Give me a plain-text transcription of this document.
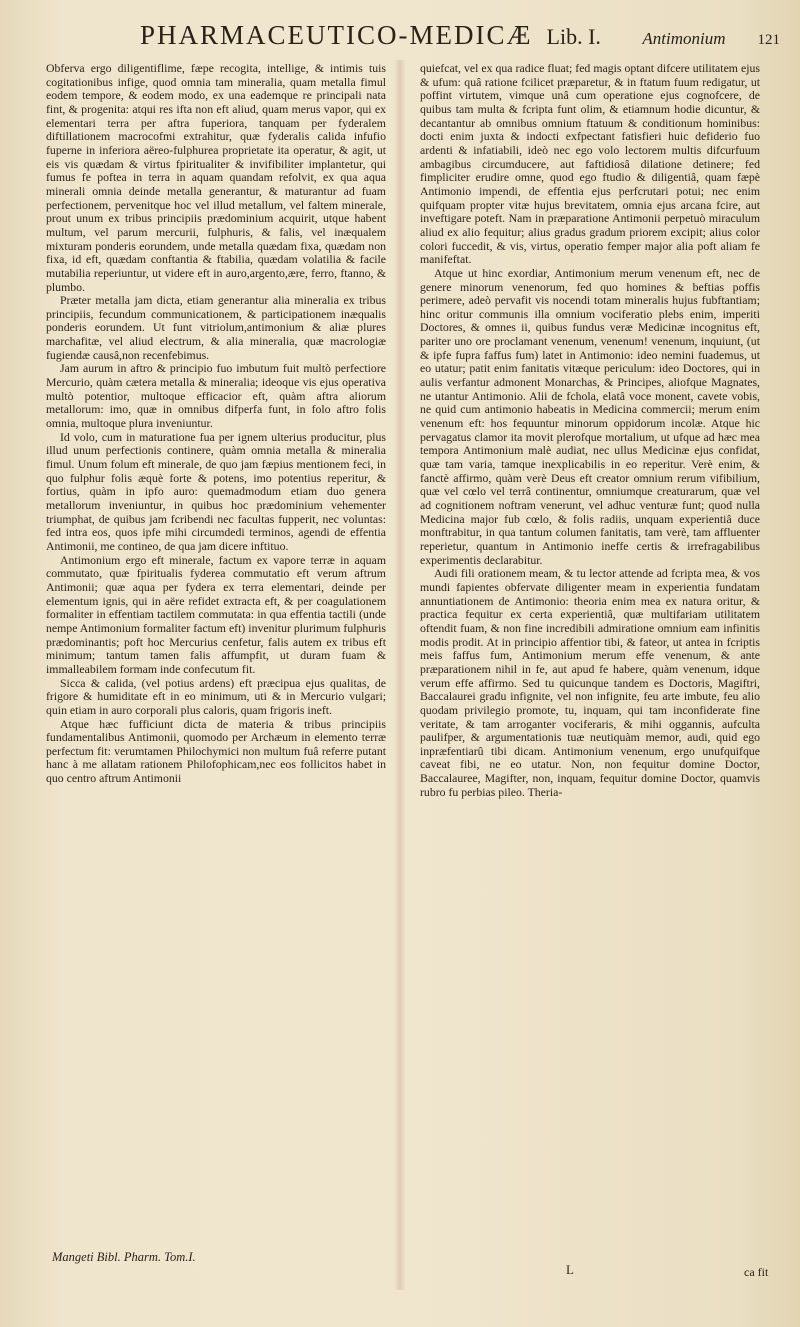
PHARMACEUTICO-MEDICÆ Lib. I. Antimonium 121

Obferva ergo diligentiflime, fæpe recogita, intellige, & intimis tuis cogitationibus infige, quod omnia tam mineralia, quam metalla fimul eodem tempore, & eodem modo, ex una eademque re principali nata fint, & progenita: atqui res ifta non eft aliud, quam merus vapor, qui ex elementari terra per aftra fuperiora, tanquam per fyderalem diftillationem macrocofmi extrahitur, quæ fyderalis calida infufio fuperne in inferiora aëreo-fulphurea proprietate ita operatur, & agit, ut eis vis quædam & virtus fpiritualiter & invifibiliter implantetur, qui fumus fe poftea in terra in aquam quandam refolvit, ex qua aqua minerali omnia deinde metalla generantur, & maturantur ad fuam perfectionem, pervenitque hoc vel illud metallum, vel faltem minerale, prout unum ex tribus principiis prædominium acquirit, utque habent multum, vel parum mercurii, fulphuris, & falis, vel inæqualem mixturam ponderis eorundem, unde metalla quædam fixa, quædam non fixa, id eft, quædam conftantia & ftabilia, quædam volatilia & facile mutabilia reperiuntur, ut videre eft in auro,argento,ære, ferro, ftanno, & plumbo.

Præter metalla jam dicta, etiam generantur alia mineralia ex tribus principiis, fecundum communicationem, & participationem inæqualis ponderis eorundem. Ut funt vitriolum,antimonium & aliæ plures marchafitæ, vel aliud electrum, & alia mineralia, quæ macrologiæ fugiendæ causâ,non recenfebimus.

Jam aurum in aftro & principio fuo imbutum fuit multò perfectiore Mercurio, quàm cætera metalla & mineralia; ideoque vis ejus operativa multò potentior, multoque efficacior eft, quàm aftra aliorum metallorum: imo, quæ in omnibus difperfa funt, in folo aftro folis omnia, multoque plura inveniuntur.

Id volo, cum in maturatione fua per ignem ulterius producitur, plus illud unum perfectionis continere, quàm omnia metalla & mineralia fimul. Unum folum eft minerale, de quo jam fæpius mentionem feci, in quo fulphur folis æquè forte & potens, imo potentius reperitur, & fortius, quàm in ipfo auro: quemadmodum etiam duo genera metallorum inveniuntur, in quibus hoc prædominium vehementer triumphat, de quibus jam fcribendi nec facultas fupperit, nec voluntas: fed intra eos, quos ipfe mihi circumdedi terminos, agendi de effentia Antimonii, me contineo, de qua jam dicere inftituo.

Antimonium ergo eft minerale, factum ex vapore terræ in aquam commutato, quæ fpiritualis fyderea commutatio eft verum aftrum Antimonii; quæ aqua per fydera ex terra elementari, deinde per elementum ignis, qui in aëre refidet extracta eft, & per coagulationem formaliter in effentiam tactilem commutata: in qua effentia tactili (unde nempe Antimonium formaliter factum eft) invenitur plurimum fulphuris prædominantis; poft hoc Mercurius cenfetur, falis autem ex tribus eft minimum; tantum tamen falis affumpfit, ut duram fuam & immalleabilem formam inde confecutum fit.

Sicca & calida, (vel potius ardens) eft præcipua ejus qualitas, de frigore & humiditate eft in eo minimum, uti & in Mercurio vulgari; quin etiam in auro corporali plus caloris, quam frigoris ineft.

Atque hæc fufficiunt dicta de materia & tribus principiis fundamentalibus Antimonii, quomodo per Archæum in elemento terræ perfectum fit: verumtamen Philochymici non multum fuâ referre putant hanc à me allatam rationem Philofophicam,nec eos follicitos habet in quo centro aftrum Antimonii

Mangeti Bibl. Pharm. Tom.I.

quiefcat, vel ex qua radice fluat; fed magis optant difcere utilitatem ejus & ufum: quâ ratione fcilicet præparetur, & in ftatum fuum redigatur, ut poffint virtutem, vimque unâ cum operatione ejus cognofcere, de quibus tam multa & fcripta funt olim, & etiamnum hodie dicuntur, & decantantur ab omnibus omnium ftatuum & conditionum hominibus: docti enim juxta & indocti exfpectant fatisfieri huic defiderio fuo ardenti & infatiabili, ideò nec ego volo lectorem multis difcurfuum ambagibus circumducere, aut faftidiosâ dilatione detinere; fed fimpliciter erudire omne, quod ego ftudio & diligentiâ, quam fæpè Antimonio impendi, de effentia ejus perfcrutari potui; nec enim quifquam propter vitæ hujus brevitatem, omnia ejus arcana fcire, aut inveftigare poteft. Nam in præparatione Antimonii perpetuò miraculum aliud ex alio fequitur; alius gradus gradum priorem excipit; alius color colori fuccedit, & vis, virtus, operatio femper major alia poft aliam fe manifeftat.

Atque ut hinc exordiar, Antimonium merum venenum eft, nec de genere minorum venenorum, fed quo homines & beftias poffis perimere, adeò pervafit vis nocendi totam mineralis hujus fubftantiam; hinc oritur communis illa omnium vociferatio plebs enim, imperiti Doctores, & omnes ii, quibus fundus veræ Medicinæ incognitus eft, pariter uno ore proclamant venenum, venenum! venenum, inquiunt, (ut & ipfe fupra faffus fum) latet in Antimonio: ideo nemini fuademus, ut eo utatur; patit enim fanitatis vitæque periculum: ideo Doctores, qui in aulis verfantur admonent Monarchas, & Principes, aliofque Magnates, ne utantur Antimonio. Alii de fchola, elatâ voce monent, cavete vobis, ne quid cum antimonio habeatis in Medicina commercii; merum enim venenum eft: hos fequuntur minorum oppidorum incolæ. Atque hic pervagatus clamor ita movit plerofque mortalium, ut ufque ad hæc mea tempora Antimonium malè audiat, nec ullus Medicinæ ejus confidat, quæ tam varia, tamque inexplicabilis in eo reperitur. Verè enim, & fanctè affirmo, quàm verè Deus eft creator omnium rerum vifibilium, quæ vel cœlo vel terrâ continentur, omniumque creaturarum, quæ vel ad cognitionem noftram venerunt, vel adhuc venturæ funt; quod nulla Medicina major fub cœlo, & folis radiis, unquam experientiâ duce monftrabitur, in qua tantum columen fanitatis, tam verè, tam affluenter reperietur, quantum in Antimonio ineffe certis & irrefragabilibus experimentis declarabitur.

Audi fili orationem meam, & tu lector attende ad fcripta mea, & vos mundi fapientes obfervate diligenter meam in experientia fundatam annuntiationem de Antimonio: theoria enim mea ex natura oritur, & practica fequitur ex certa experientiâ, quæ multifariam utilitatem oftendit fuam, & non fine incredibili admiratione omnium eam infinitis modis prodit. At in principio affentior tibi, & fateor, ut antea in fcriptis meis faffus fum, Antimonium merum effe venenum, & ante præparationem nihil in fe, aut apud fe habere, quàm venenum, idque verum effe affirmo. Sed tu quicunque tandem es Doctoris, Magiftri, Baccalaurei gradu infignite, vel non infignite, feu arte imbute, feu alio quodam privilegio promote, tu, inquam, qui tam inconfiderate fine veritate, & tam arroganter vociferaris, & mihi oggannis, aufculta paulifper, & argumentationis tuæ neutiquàm memor, audi, quid ego inpræfentiarû tibi dicam. Antimonium venenum, ergo unufquifque caveat fibi, ne eo utatur. Non, non fequitur domine Doctor, Baccalauree, Magifter, non, inquam, fequitur domine Doctor, quamvis rubro fu perbias pileo. Theria-

L	ca fit
